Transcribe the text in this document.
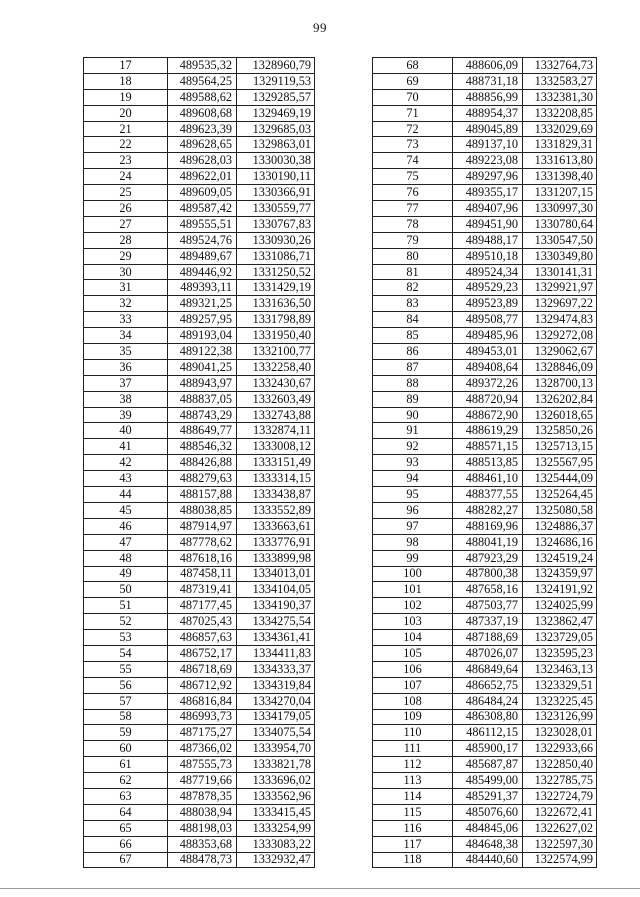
99
17	489535,32	1328960,79
18	489564,25	1329119,53
19	489588,62	1329285,57
20	489608,68	1329469,19
21	489623,39	1329685,03
22	489628,65	1329863,01
23	489628,03	1330030,38
24	489622,01	1330190,11
25	489609,05	1330366,91
26	489587,42	1330559,77
27	489555,51	1330767,83
28	489524,76	1330930,26
29	489489,67	1331086,71
30	489446,92	1331250,52
31	489393,11	1331429,19
32	489321,25	1331636,50
33	489257,95	1331798,89
34	489193,04	1331950,40
35	489122,38	1332100,77
36	489041,25	1332258,40
37	488943,97	1332430,67
38	488837,05	1332603,49
39	488743,29	1332743,88
40	488649,77	1332874,11
41	488546,32	1333008,12
42	488426,88	1333151,49
43	488279,63	1333314,15
44	488157,88	1333438,87
45	488038,85	1333552,89
46	487914,97	1333663,61
47	487778,62	1333776,91
48	487618,16	1333899,98
49	487458,11	1334013,01
50	487319,41	1334104,05
51	487177,45	1334190,37
52	487025,43	1334275,54
53	486857,63	1334361,41
54	486752,17	1334411,83
55	486718,69	1334333,37
56	486712,92	1334319,84
57	486816,84	1334270,04
58	486993,73	1334179,05
59	487175,27	1334075,54
60	487366,02	1333954,70
61	487555,73	1333821,78
62	487719,66	1333696,02
63	487878,35	1333562,96
64	488038,94	1333415,45
65	488198,03	1333254,99
66	488353,68	1333083,22
67	488478,73	1332932,47
68	488606,09	1332764,73
69	488731,18	1332583,27
70	488856,99	1332381,30
71	488954,37	1332208,85
72	489045,89	1332029,69
73	489137,10	1331829,31
74	489223,08	1331613,80
75	489297,96	1331398,40
76	489355,17	1331207,15
77	489407,96	1330997,30
78	489451,90	1330780,64
79	489488,17	1330547,50
80	489510,18	1330349,80
81	489524,34	1330141,31
82	489529,23	1329921,97
83	489523,89	1329697,22
84	489508,77	1329474,83
85	489485,96	1329272,08
86	489453,01	1329062,67
87	489408,64	1328846,09
88	489372,26	1328700,13
89	488720,94	1326202,84
90	488672,90	1326018,65
91	488619,29	1325850,26
92	488571,15	1325713,15
93	488513,85	1325567,95
94	488461,10	1325444,09
95	488377,55	1325264,45
96	488282,27	1325080,58
97	488169,96	1324886,37
98	488041,19	1324686,16
99	487923,29	1324519,24
100	487800,38	1324359,97
101	487658,16	1324191,92
102	487503,77	1324025,99
103	487337,19	1323862,47
104	487188,69	1323729,05
105	487026,07	1323595,23
106	486849,64	1323463,13
107	486652,75	1323329,51
108	486484,24	1323225,45
109	486308,80	1323126,99
110	486112,15	1323028,01
111	485900,17	1322933,66
112	485687,87	1322850,40
113	485499,00	1322785,75
114	485291,37	1322724,79
115	485076,60	1322672,41
116	484845,06	1322627,02
117	484648,38	1322597,30
118	484440,60	1322574,99
